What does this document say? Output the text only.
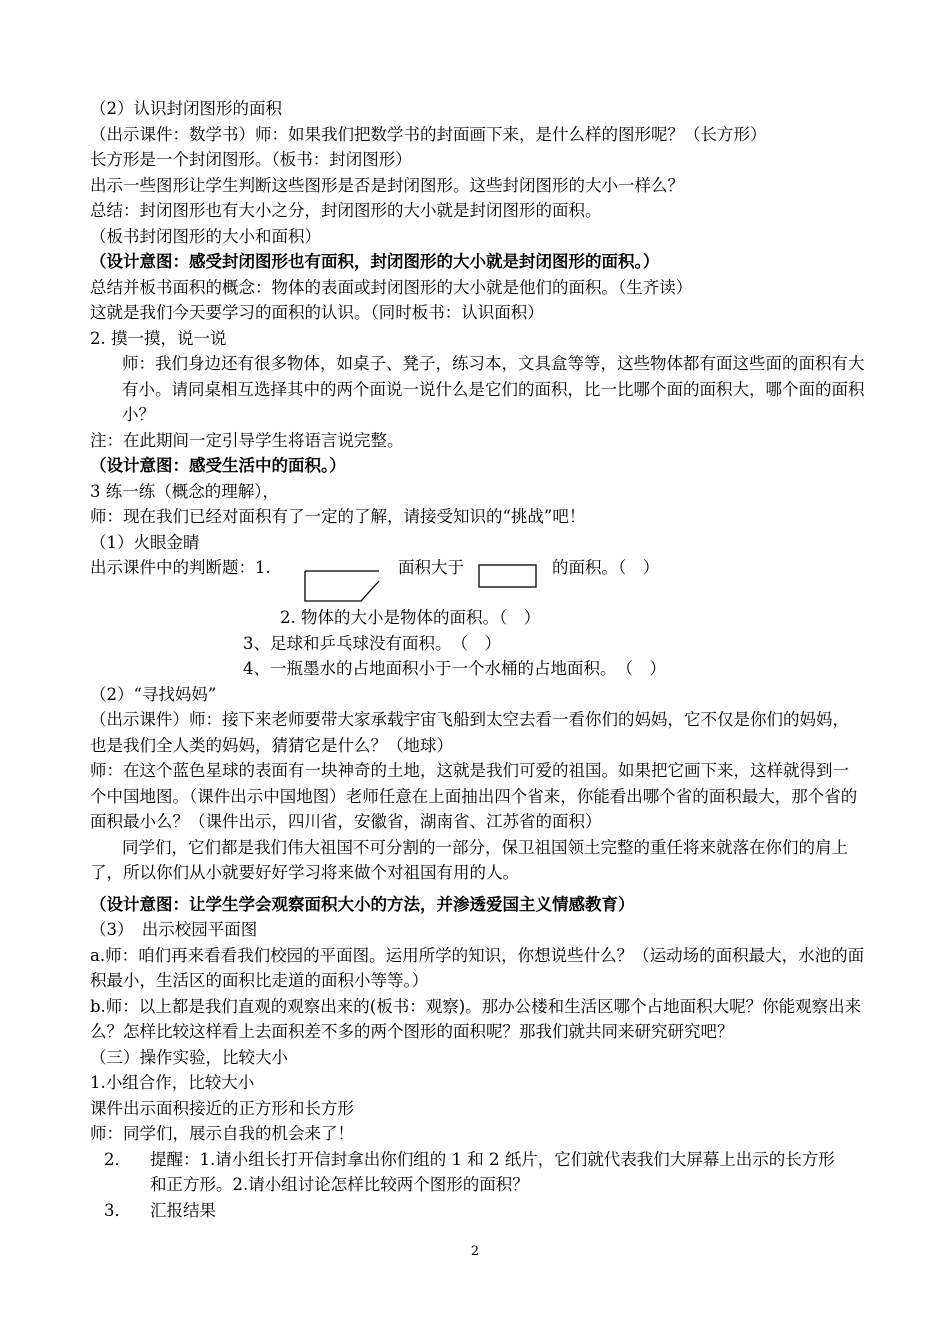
（2）认识封闭图形的面积

（出示课件：数学书）师：如果我们把数学书的封面画下来，是什么样的图形呢？（长方形）

长方形是一个封闭图形。（板书：封闭图形）

出示一些图形让学生判断这些图形是否是封闭图形。这些封闭图形的大小一样么？

总结：封闭图形也有大小之分，封闭图形的大小就是封闭图形的面积。

（板书封闭图形的大小和面积）

（设计意图：感受封闭图形也有面积，封闭图形的大小就是封闭图形的面积。）

总结并板书面积的概念：物体的表面或封闭图形的大小就是他们的面积。（生齐读）

这就是我们今天要学习的面积的认识。（同时板书：认识面积）

2. 摸一摸，说一说

师：我们身边还有很多物体，如桌子、凳子，练习本，文具盒等等，这些物体都有面这些面的面积有大有小。请同桌相互选择其中的两个面说一说什么是它们的面积，比一比哪个面的面积大，哪个面的面积小？

注：在此期间一定引导学生将语言说完整。

（设计意图：感受生活中的面积。）

3 练一练（概念的理解），

师：现在我们已经对面积有了一定的了解，请接受知识的“挑战”吧！

（1）火眼金睛

出示课件中的判断题：1.	面积大于	的面积。（　）

2. 物体的大小是物体的面积。（　）

3、足球和乒乓球没有面积。　（　）

4、一瓶墨水的占地面积小于一个水桶的占地面积。　（　）

（2）“寻找妈妈”

（出示课件）师：接下来老师要带大家承载宇宙飞船到太空去看一看你们的妈妈，它不仅是你们的妈妈，也是我们全人类的妈妈，猜猜它是什么？（地球）

师：在这个蓝色星球的表面有一块神奇的土地，这就是我们可爱的祖国。如果把它画下来，这样就得到一个中国地图。（课件出示中国地图）老师任意在上面抽出四个省来，你能看出哪个省的面积最大，那个省的面积最小么？（课件出示，四川省，安徽省，湖南省、江苏省的面积）

同学们，它们都是我们伟大祖国不可分割的一部分，保卫祖国领土完整的重任将来就落在你们的肩上了，所以你们从小就要好好学习将来做个对祖国有用的人。

（设计意图：让学生学会观察面积大小的方法，并渗透爱国主义情感教育）

（3）　出示校园平面图

a.师：咱们再来看看我们校园的平面图。运用所学的知识，你想说些什么？（运动场的面积最大，水池的面积最小，生活区的面积比走道的面积小等等。）

b.师：以上都是我们直观的观察出来的(板书：观察)。那办公楼和生活区哪个占地面积大呢？你能观察出来么？怎样比较这样看上去面积差不多的两个图形的面积呢？那我们就共同来研究研究吧？

（三）操作实验，比较大小

1.小组合作，比较大小

课件出示面积接近的正方形和长方形

师：同学们，展示自我的机会来了！

2． 提醒：1.请小组长打开信封拿出你们组的 1 和 2 纸片，它们就代表我们大屏幕上出示的长方形和正方形。2.请小组讨论怎样比较两个图形的面积？
3． 汇报结果
2
